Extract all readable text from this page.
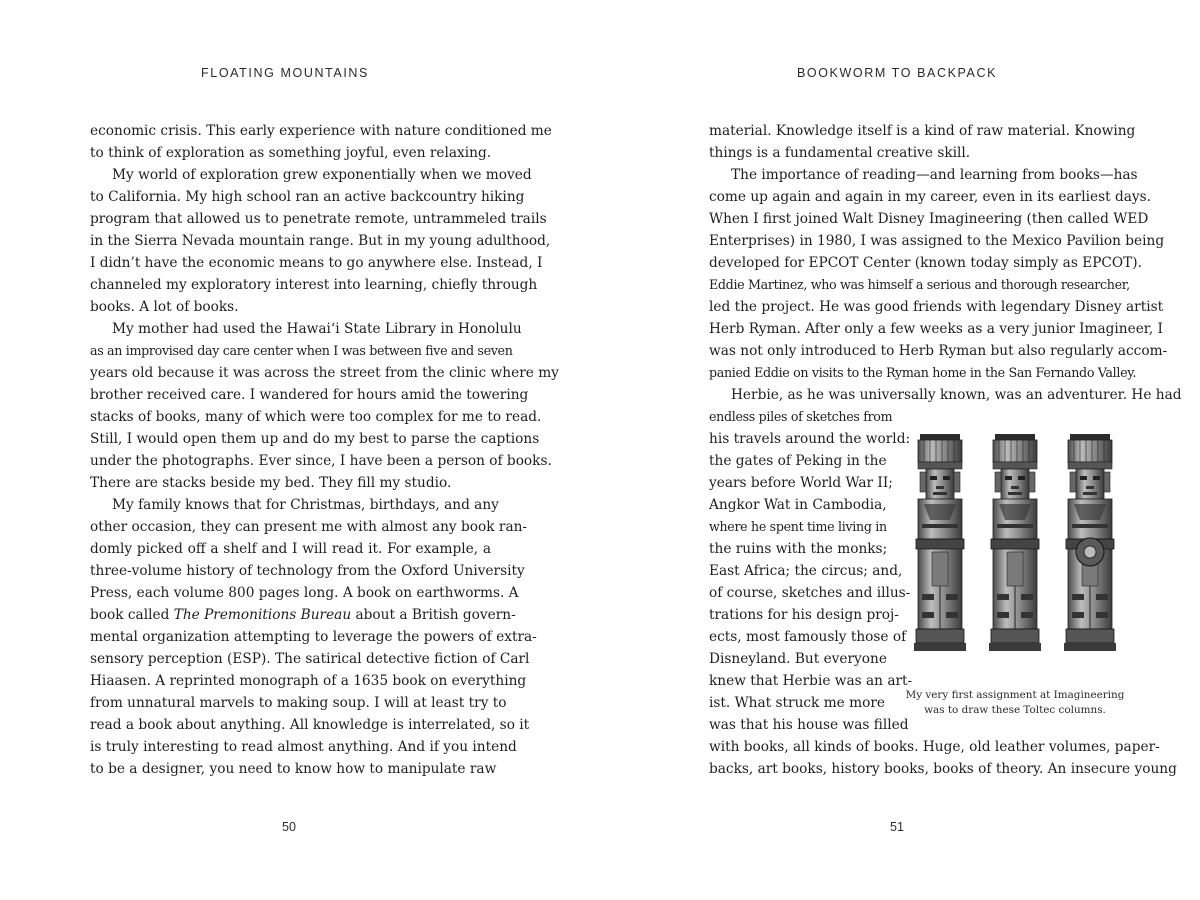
FLOATING MOUNTAINS
economic crisis. This early experience with nature conditioned me
to think of exploration as something joyful, even relaxing.
My world of exploration grew exponentially when we moved
to California. My high school ran an active backcountry hiking
program that allowed us to penetrate remote, untrammeled trails
in the Sierra Nevada mountain range. But in my young adulthood,
I didn’t have the economic means to go anywhere else. Instead, I
channeled my exploratory interest into learning, chiefly through
books. A lot of books.
My mother had used the Hawai‘i State Library in Honolulu
as an improvised day care center when I was between five and seven
years old because it was across the street from the clinic where my
brother received care. I wandered for hours amid the towering
stacks of books, many of which were too complex for me to read.
Still, I would open them up and do my best to parse the captions
under the photographs. Ever since, I have been a person of books.
There are stacks beside my bed. They fill my studio.
My family knows that for Christmas, birthdays, and any
other occasion, they can present me with almost any book ran-
domly picked off a shelf and I will read it. For example, a
three-volume history of technology from the Oxford University
Press, each volume 800 pages long. A book on earthworms. A
book called The Premonitions Bureau about a British govern-
mental organization attempting to leverage the powers of extra-
sensory perception (ESP). The satirical detective fiction of Carl
Hiaasen. A reprinted monograph of a 1635 book on everything
from unnatural marvels to making soup. I will at least try to
read a book about anything. All knowledge is interrelated, so it
is truly interesting to read almost anything. And if you intend
to be a designer, you need to know how to manipulate raw
50
BOOKWORM TO BACKPACK
material. Knowledge itself is a kind of raw material. Knowing
things is a fundamental creative skill.
The importance of reading—and learning from books—has
come up again and again in my career, even in its earliest days.
When I first joined Walt Disney Imagineering (then called WED
Enterprises) in 1980, I was assigned to the Mexico Pavilion being
developed for EPCOT Center (known today simply as EPCOT).
Eddie Martinez, who was himself a serious and thorough researcher,
led the project. He was good friends with legendary Disney artist
Herb Ryman. After only a few weeks as a very junior Imagineer, I
was not only introduced to Herb Ryman but also regularly accom-
panied Eddie on visits to the Ryman home in the San Fernando Valley.
Herbie, as he was universally known, was an adventurer. He had
endless piles of sketches from
his travels around the world:
the gates of Peking in the
years before World War II;
Angkor Wat in Cambodia,
where he spent time living in
the ruins with the monks;
East Africa; the circus; and,
of course, sketches and illus-
trations for his design proj-
ects, most famously those of
Disneyland. But everyone
knew that Herbie was an art-
ist. What struck me more
was that his house was filled
with books, all kinds of books. Huge, old leather volumes, paper-
backs, art books, history books, books of theory. An insecure young
My very first assignment at Imagineering
was to draw these Toltec columns.
51
